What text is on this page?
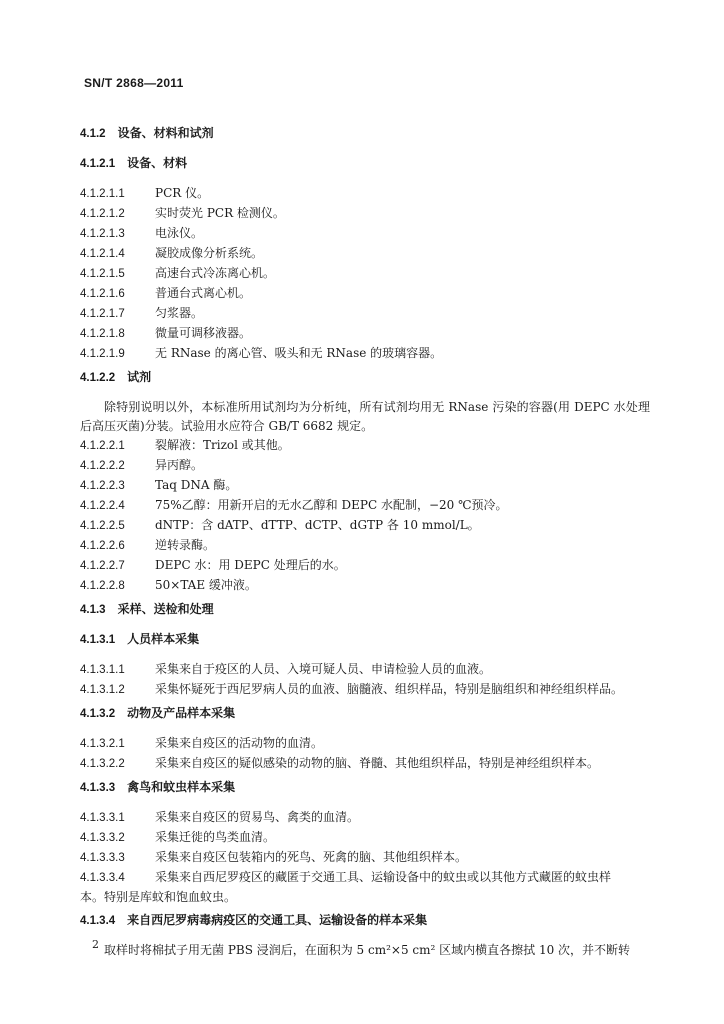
SN/T 2868—2011
4.1.2 设备、材料和试剂
4.1.2.1 设备、材料
4.1.2.1.1	PCR 仪。
4.1.2.1.2	实时荧光 PCR 检测仪。
4.1.2.1.3	电泳仪。
4.1.2.1.4	凝胶成像分析系统。
4.1.2.1.5	高速台式冷冻离心机。
4.1.2.1.6	普通台式离心机。
4.1.2.1.7	匀浆器。
4.1.2.1.8	微量可调移液器。
4.1.2.1.9	无 RNase 的离心管、吸头和无 RNase 的玻璃容器。
4.1.2.2 试剂
除特别说明以外，本标准所用试剂均为分析纯，所有试剂均用无 RNase 污染的容器(用 DEPC 水处理后高压灭菌)分装。试验用水应符合 GB/T 6682 规定。
4.1.2.2.1	裂解液：Trizol 或其他。
4.1.2.2.2	异丙醇。
4.1.2.2.3	Taq DNA 酶。
4.1.2.2.4	75%乙醇：用新开启的无水乙醇和 DEPC 水配制，−20 ℃预冷。
4.1.2.2.5	dNTP：含 dATP、dTTP、dCTP、dGTP 各 10 mmol/L。
4.1.2.2.6	逆转录酶。
4.1.2.2.7	DEPC 水：用 DEPC 处理后的水。
4.1.2.2.8	50×TAE 缓冲液。
4.1.3 采样、送检和处理
4.1.3.1 人员样本采集
4.1.3.1.1	采集来自于疫区的人员、入境可疑人员、申请检验人员的血液。
4.1.3.1.2	采集怀疑死于西尼罗病人员的血液、脑髓液、组织样品，特别是脑组织和神经组织样品。
4.1.3.2 动物及产品样本采集
4.1.3.2.1	采集来自疫区的活动物的血清。
4.1.3.2.2	采集来自疫区的疑似感染的动物的脑、脊髓、其他组织样品，特别是神经组织样本。
4.1.3.3 禽鸟和蚊虫样本采集
4.1.3.3.1	采集来自疫区的贸易鸟、禽类的血清。
4.1.3.3.2	采集迁徙的鸟类血清。
4.1.3.3.3	采集来自疫区包装箱内的死鸟、死禽的脑、其他组织样本。
4.1.3.3.4	采集来自西尼罗疫区的藏匿于交通工具、运输设备中的蚊虫或以其他方式藏匿的蚊虫样
本。特别是库蚊和饱血蚊虫。
4.1.3.4 来自西尼罗病毒病疫区的交通工具、运输设备的样本采集
取样时将棉拭子用无菌 PBS 浸润后，在面积为 5 cm²×5 cm² 区域内横直各擦拭 10 次，并不断转
2
